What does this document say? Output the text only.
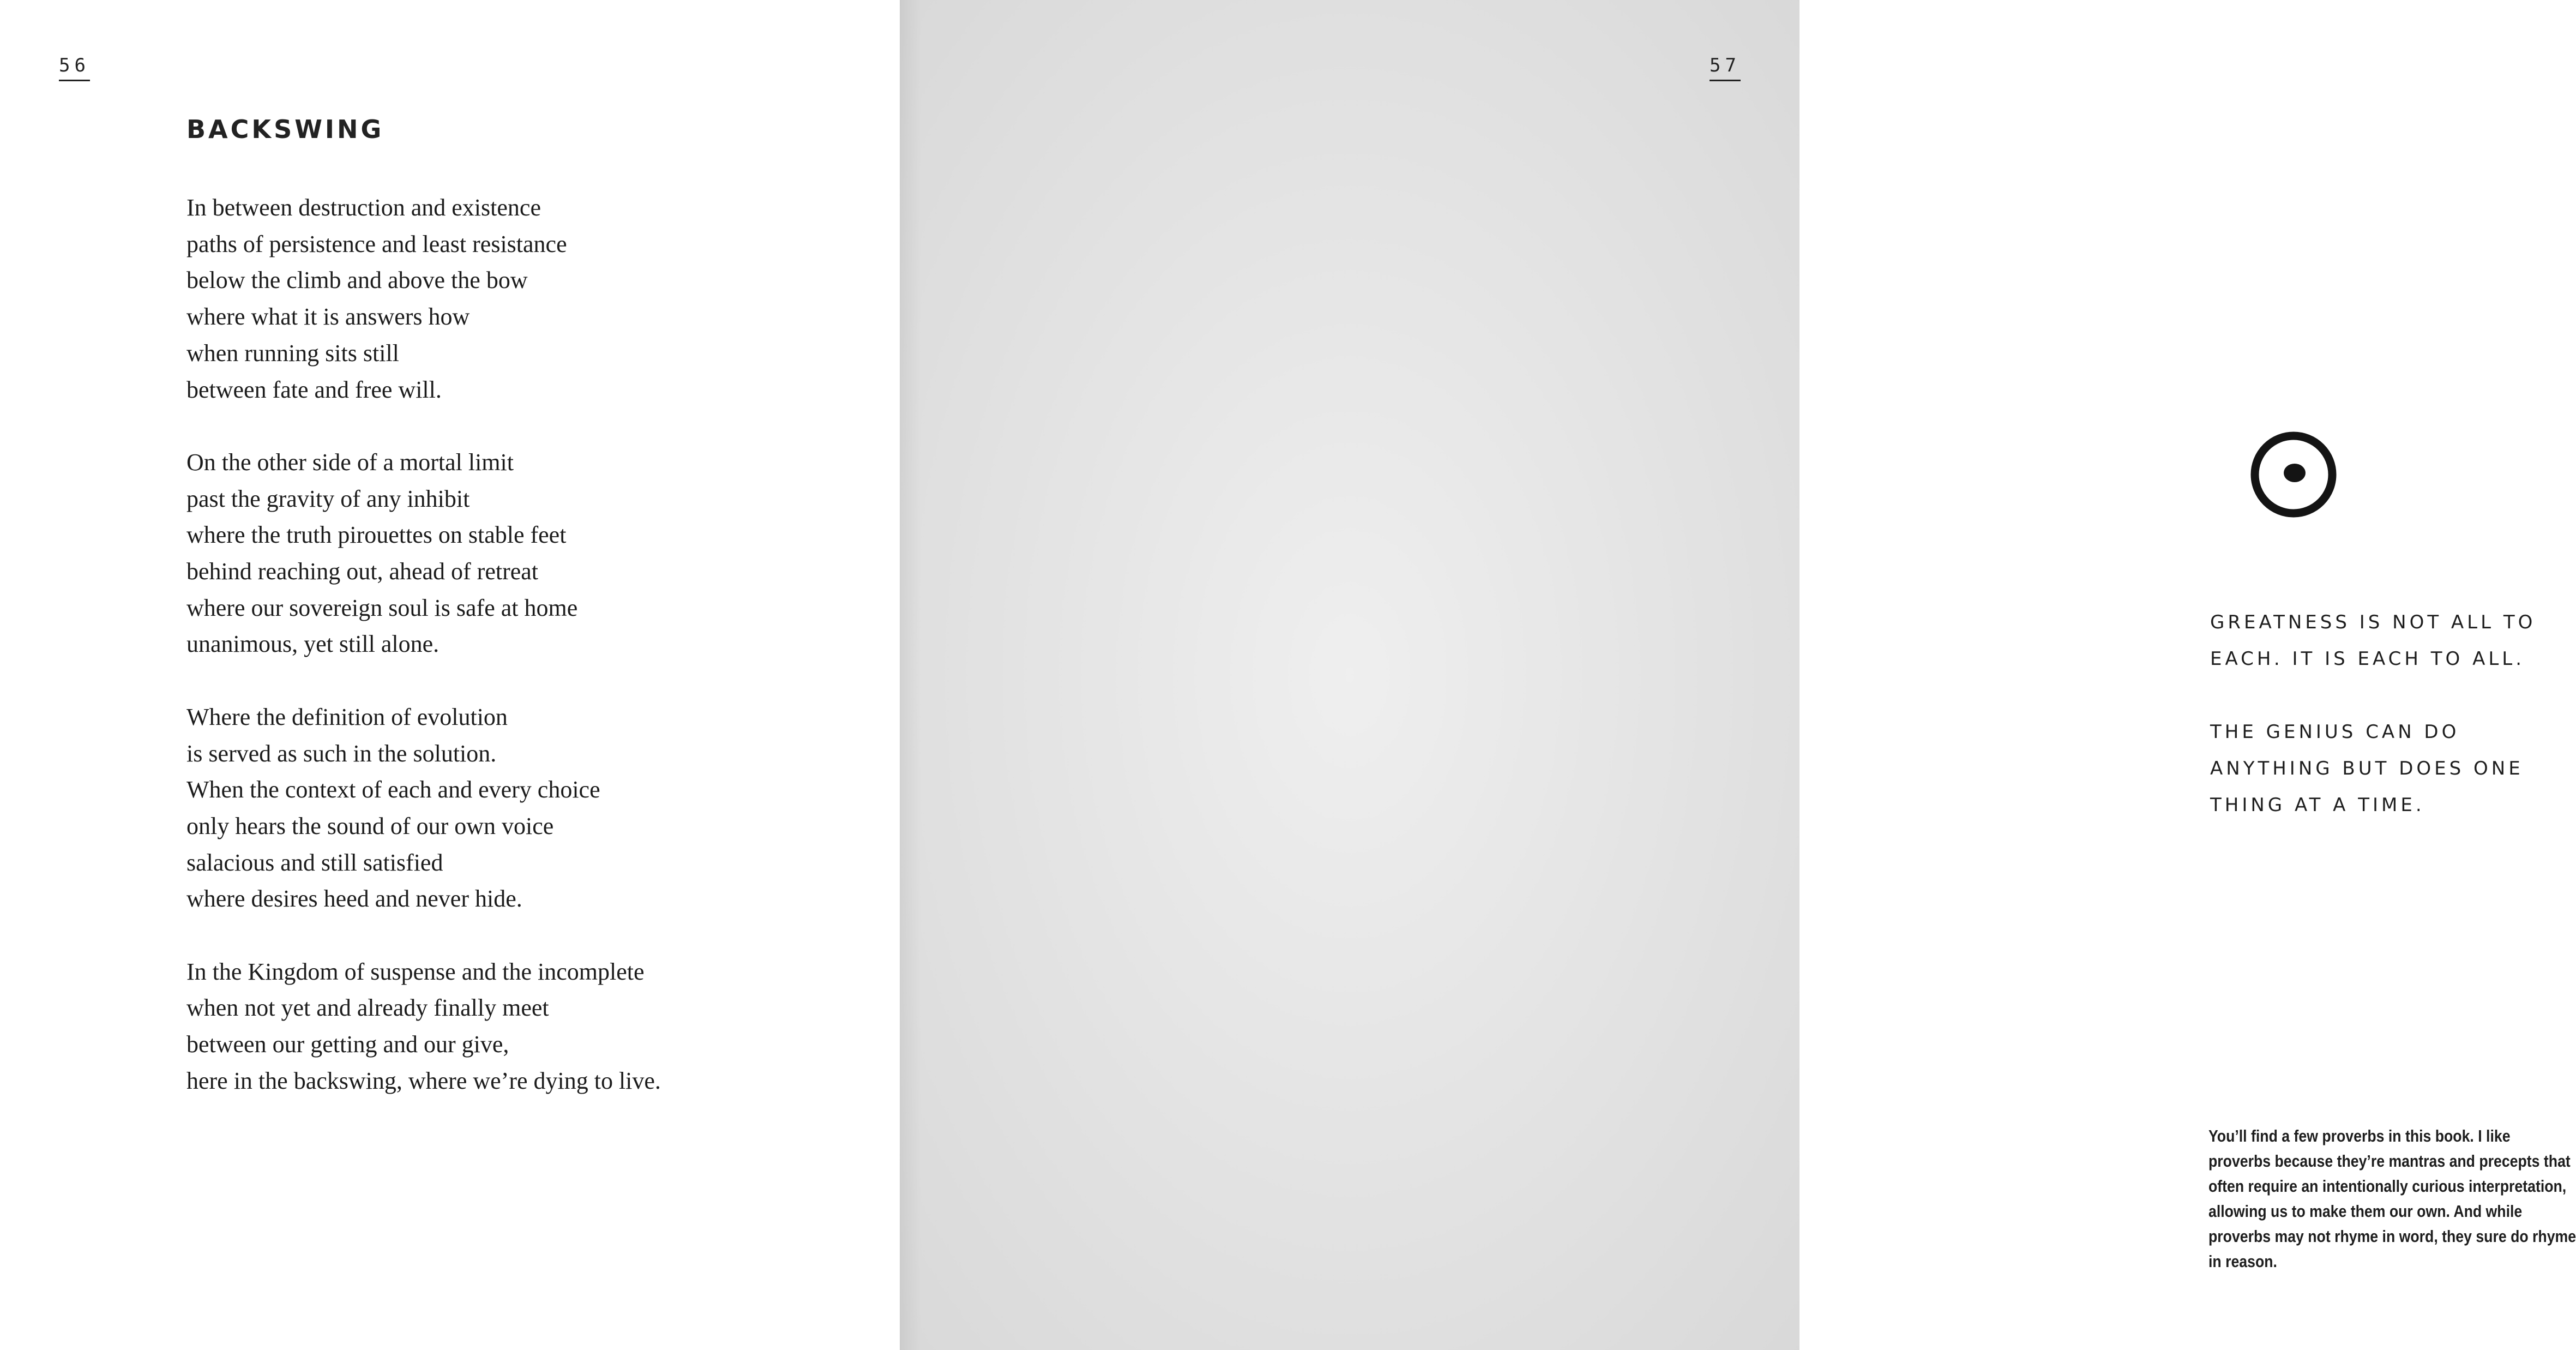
56
BACKSWING

In between destruction and existence
paths of persistence and least resistance
below the climb and above the bow
where what it is answers how
when running sits still
between fate and free will.

On the other side of a mortal limit
past the gravity of any inhibit
where the truth pirouettes on stable feet
behind reaching out, ahead of retreat
where our sovereign soul is safe at home
unanimous, yet still alone.

Where the definition of evolution
is served as such in the solution.
When the context of each and every choice
only hears the sound of our own voice
salacious and still satisfied
where desires heed and never hide.

In the Kingdom of suspense and the incomplete
when not yet and already finally meet
between our getting and our give,
here in the backswing, where we’re dying to live.

57

GREATNESS IS NOT ALL TO
EACH. IT IS EACH TO ALL.

THE GENIUS CAN DO
ANYTHING BUT DOES ONE
THING AT A TIME.

You’ll find a few proverbs in this book. I like
proverbs because they’re mantras and precepts that
often require an intentionally curious interpretation,
allowing us to make them our own. And while
proverbs may not rhyme in word, they sure do rhyme
in reason.
